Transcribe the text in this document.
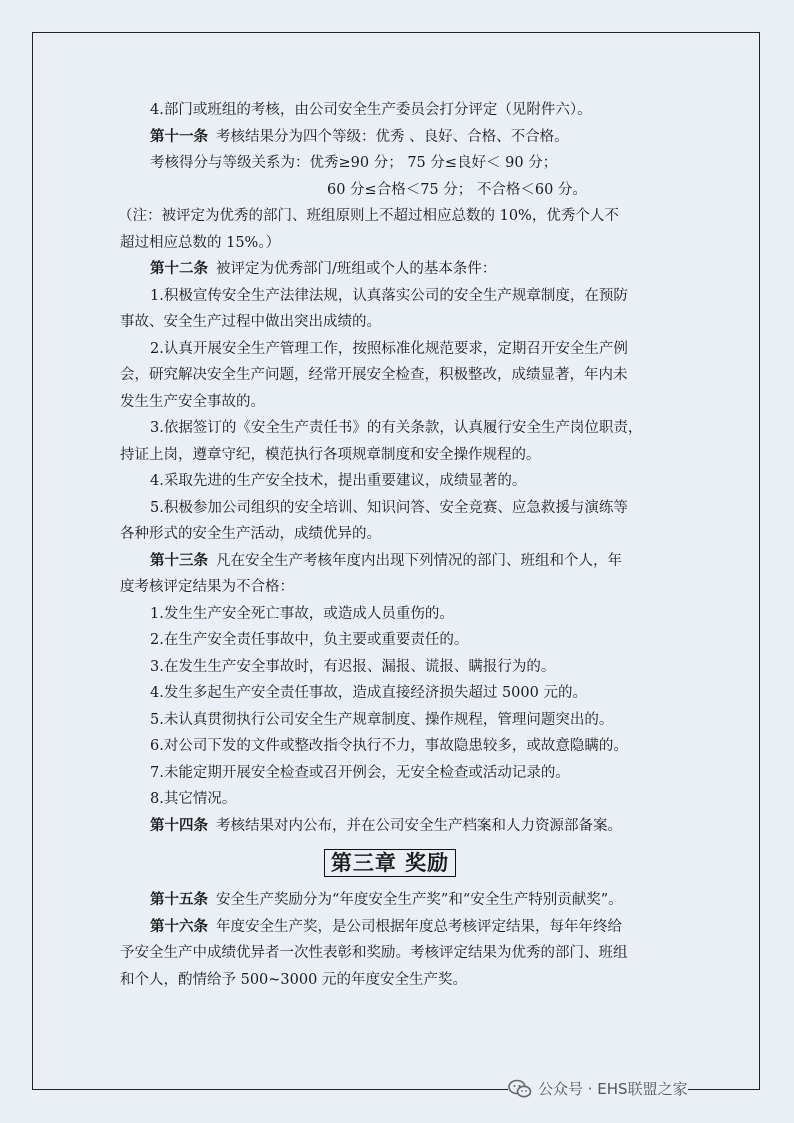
4.部门或班组的考核，由公司安全生产委员会打分评定（见附件六）。
第十一条 考核结果分为四个等级：优秀 、良好、合格、不合格。
考核得分与等级关系为：优秀≥90 分； 75 分≤良好＜ 90 分；
60 分≤合格＜75 分； 不合格＜60 分。
（注：被评定为优秀的部门、班组原则上不超过相应总数的 10%，优秀个人不
超过相应总数的 15%。）
第十二条 被评定为优秀部门/班组或个人的基本条件：
1.积极宣传安全生产法律法规，认真落实公司的安全生产规章制度，在预防
事故、安全生产过程中做出突出成绩的。
2.认真开展安全生产管理工作，按照标准化规范要求，定期召开安全生产例
会，研究解决安全生产问题，经常开展安全检查，积极整改，成绩显著，年内未
发生生产安全事故的。
3.依据签订的《安全生产责任书》的有关条款，认真履行安全生产岗位职责，
持证上岗，遵章守纪，模范执行各项规章制度和安全操作规程的。
4.采取先进的生产安全技术，提出重要建议，成绩显著的。
5.积极参加公司组织的安全培训、知识问答、安全竞赛、应急救援与演练等
各种形式的安全生产活动，成绩优异的。
第十三条 凡在安全生产考核年度内出现下列情况的部门、班组和个人，年
度考核评定结果为不合格：
1.发生生产安全死亡事故，或造成人员重伤的。
2.在生产安全责任事故中，负主要或重要责任的。
3.在发生生产安全事故时，有迟报、漏报、谎报、瞒报行为的。
4.发生多起生产安全责任事故，造成直接经济损失超过 5000 元的。
5.未认真贯彻执行公司安全生产规章制度、操作规程，管理问题突出的。
6.对公司下发的文件或整改指令执行不力，事故隐患较多，或故意隐瞒的。
7.未能定期开展安全检查或召开例会，无安全检查或活动记录的。
8.其它情况。
第十四条 考核结果对内公布，并在公司安全生产档案和人力资源部备案。
第三章 奖励
第十五条 安全生产奖励分为“年度安全生产奖”和“安全生产特别贡献奖”。
第十六条 年度安全生产奖，是公司根据年度总考核评定结果，每年年终给
予安全生产中成绩优异者一次性表彰和奖励。考核评定结果为优秀的部门、班组
和个人，酌情给予 500~3000 元的年度安全生产奖。
公众号 · EHS联盟之家
